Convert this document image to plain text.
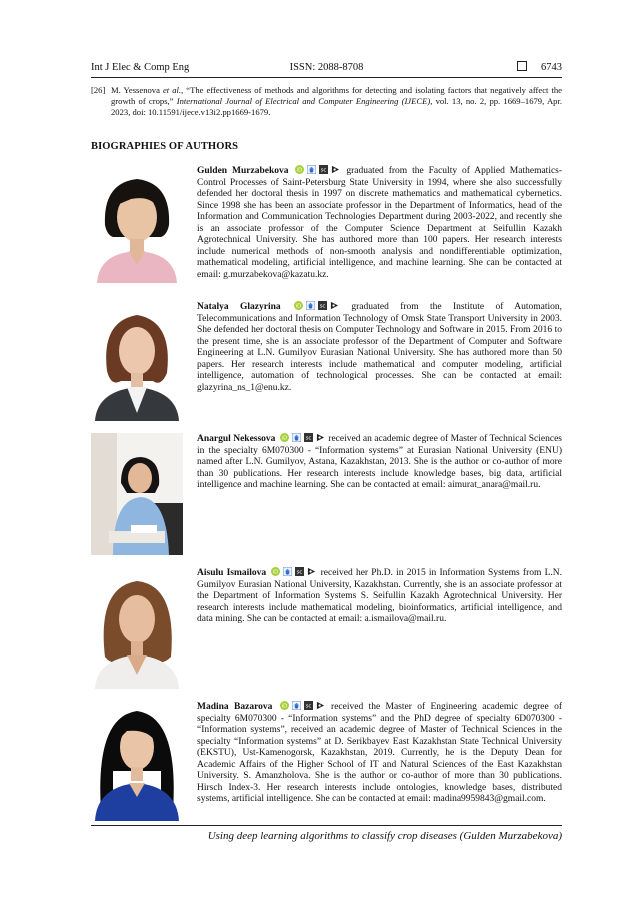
Int J Elec & Comp Eng	ISSN: 2088-8708	6743
[26] M. Yessenova et al., “The effectiveness of methods and algorithms for detecting and isolating factors that negatively affect the growth of crops,” International Journal of Electrical and Computer Engineering (IJECE), vol. 13, no. 2, pp. 1669–1679, Apr. 2023, doi: 10.11591/ijece.v13i2.pp1669-1679.
BIOGRAPHIES OF AUTHORS
Gulden Murzabekova iD	sc graduated from the Faculty of Applied Mathematics-Control Processes of Saint-Petersburg State University in 1994, where she also successfully defended her doctoral thesis in 1997 on discrete mathematics and mathematical cybernetics. Since 1998 she has been an associate professor in the Department of Informatics, head of the Information and Communication Technologies Department during 2003-2022, and recently she is an associate professor of the Computer Science Department at Seifullin Kazakh Agrotechnical University. She has authored more than 100 papers. Her research interests include numerical methods of non-smooth analysis and nondifferentiable optimization, mathematical modeling, artificial intelligence, and machine learning. She can be contacted at email: g.murzabekova@kazatu.kz.
Natalya Glazyrina	iD	sc	graduated from the Institute of Automation, Telecommunications and Information Technology of Omsk State Transport University in 2003. She defended her doctoral thesis on Computer Technology and Software in 2015. From 2016 to the present time, she is an associate professor of the Department of Computer and Software Engineering at L.N. Gumilyov Eurasian National University. She has authored more than 50 papers. Her research interests include mathematical and computer modeling, artificial intelligence, automation of technological processes. She can be contacted at email: glazyrina_ns_1@enu.kz.
Anargul Nekessova iD	sc received an academic degree of Master of Technical Sciences in the specialty 6M070300 - “Information systems” at Eurasian National University (ENU) named after L.N. Gumilyov, Astana, Kazakhstan, 2013. She is the author or co-author of more than 30 publications. Her research interests include knowledge bases, big data, artificial intelligence and machine learning. She can be contacted at email: aimurat_anara@mail.ru.
Aisulu Ismailova iD	sc received her Ph.D. in 2015 in Information Systems from L.N. Gumilyov Eurasian National University, Kazakhstan. Currently, she is an associate professor at the Department of Information Systems S. Seifullin Kazakh Agrotechnical University. Her research interests include mathematical modeling, bioinformatics, artificial intelligence, and data mining. She can be contacted at email: a.ismailova@mail.ru.
Madina Bazarova iD	sc received the Master of Engineering academic degree of specialty 6M070300 - “Information systems” and the PhD degree of specialty 6D070300 - “Information systems”, received an academic degree of Master of Technical Sciences in the specialty “Information systems” at D. Serikbayev East Kazakhstan State Technical University (EKSTU), Ust-Kamenogorsk, Kazakhstan, 2019. Currently, he is the Deputy Dean for Academic Affairs of the Higher School of IT and Natural Sciences of the East Kazakhstan University. S. Amanzholova. She is the author or co-author of more than 30 publications. Hirsch Index-3. Her research interests include ontologies, knowledge bases, distributed systems, artificial intelligence. She can be contacted at email: madina9959843@gmail.com.
Using deep learning algorithms to classify crop diseases (Gulden Murzabekova)
